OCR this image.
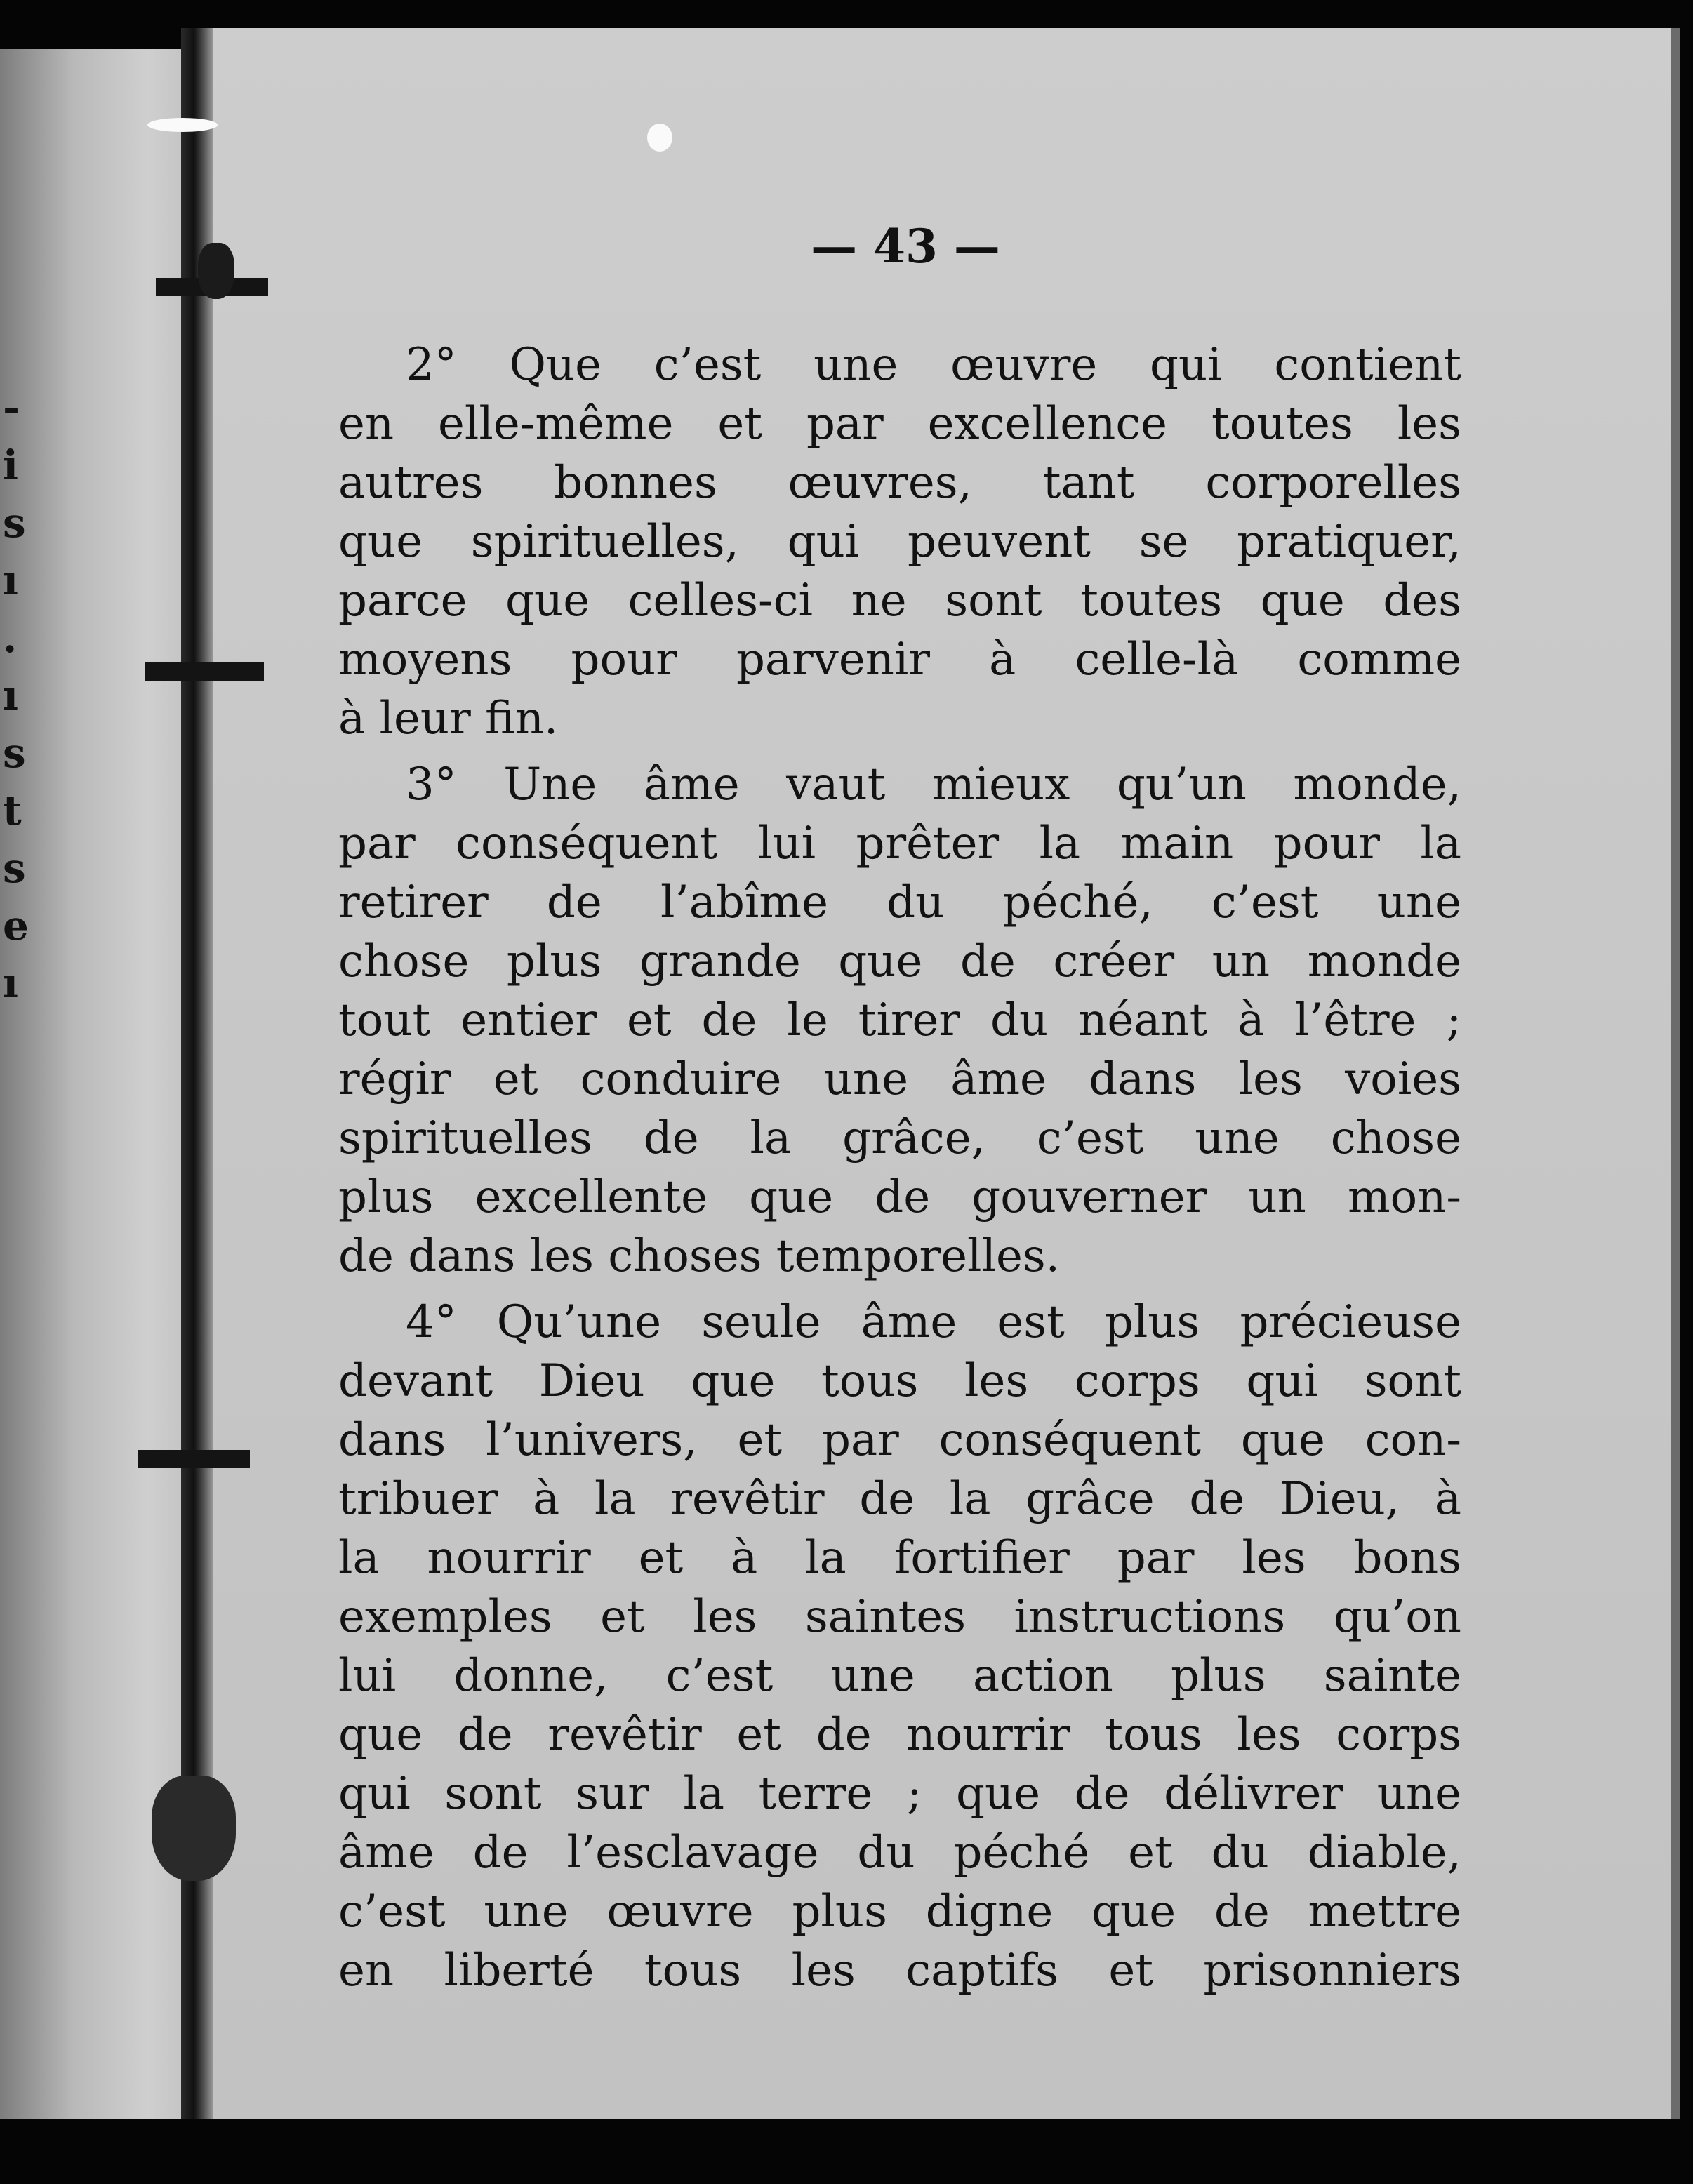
-
i
s
ı
.
ı
s
t
s
e
ı
— 43 —
2° Que c’est une œuvre qui contient
en elle-même et par excellence toutes les
autres bonnes œuvres, tant corporelles
que spirituelles, qui peuvent se pratiquer,
parce que celles-ci ne sont toutes que des
moyens pour parvenir à celle-là comme
à leur fin.
3° Une âme vaut mieux qu’un monde,
par conséquent lui prêter la main pour la
retirer de l’abîme du péché, c’est une
chose plus grande que de créer un monde
tout entier et de le tirer du néant à l’être ;
régir et conduire une âme dans les voies
spirituelles de la grâce, c’est une chose
plus excellente que de gouverner un mon-
de dans les choses temporelles.
4° Qu’une seule âme est plus précieuse
devant Dieu que tous les corps qui sont
dans l’univers, et par conséquent que con-
tribuer à la revêtir de la grâce de Dieu, à
la nourrir et à la fortifier par les bons
exemples et les saintes instructions qu’on
lui donne, c’est une action plus sainte
que de revêtir et de nourrir tous les corps
qui sont sur la terre ; que de délivrer une
âme de l’esclavage du péché et du diable,
c’est une œuvre plus digne que de mettre
en liberté tous les captifs et prisonniers
